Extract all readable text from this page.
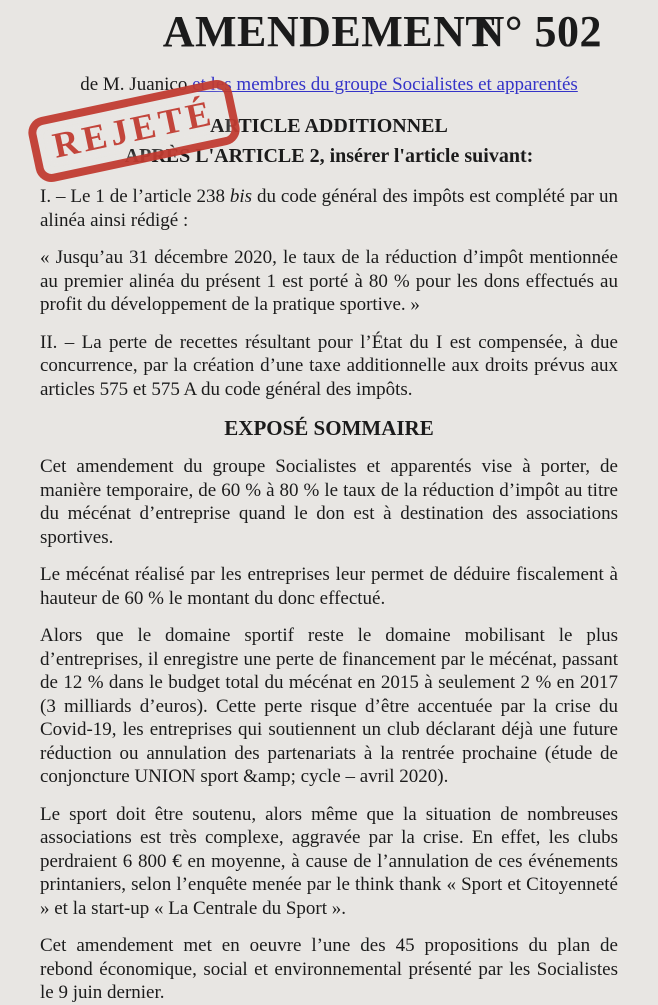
REJETÉ
AMENDEMENT
N° 502
de M. Juanico et les membres du groupe Socialistes et apparentés
ARTICLE ADDITIONNEL
APRÈS L'ARTICLE 2, insérer l'article suivant:

I. – Le 1 de l’article 238 bis du code général des impôts est complété par un alinéa ainsi rédigé :

« Jusqu’au 31 décembre 2020, le taux de la réduction d’impôt mentionnée au premier alinéa du présent 1 est porté à 80 % pour les dons effectués au profit du développement de la pratique sportive. »

II. – La perte de recettes résultant pour l’État du I est compensée, à due concurrence, par la création d’une taxe additionnelle aux droits prévus aux articles 575 et 575 A du code général des impôts.

EXPOSÉ SOMMAIRE

Cet amendement du groupe Socialistes et apparentés vise à porter, de manière temporaire, de 60 % à 80 % le taux de la réduction d’impôt au titre du mécénat d’entreprise quand le don est à destination des associations sportives.

Le mécénat réalisé par les entreprises leur permet de déduire fiscalement à hauteur de 60 % le montant du donc effectué.

Alors que le domaine sportif reste le domaine mobilisant le plus d’entreprises, il enregistre une perte de financement par le mécénat, passant de 12 % dans le budget total du mécénat en 2015 à seulement 2 % en 2017 (3 milliards d’euros). Cette perte risque d’être accentuée par la crise du Covid-19, les entreprises qui soutiennent un club déclarant déjà une future réduction ou annulation des partenariats à la rentrée prochaine (étude de conjoncture UNION sport &amp; cycle – avril 2020).

Le sport doit être soutenu, alors même que la situation de nombreuses associations est très complexe, aggravée par la crise. En effet, les clubs perdraient 6 800 € en moyenne, à cause de l’annulation de ces événements printaniers, selon l’enquête menée par le think thank « Sport et Citoyenneté » et la start-up « La Centrale du Sport ».

Cet amendement met en oeuvre l’une des 45 propositions du plan de rebond économique, social et environnemental présenté par les Socialistes le 9 juin dernier.
